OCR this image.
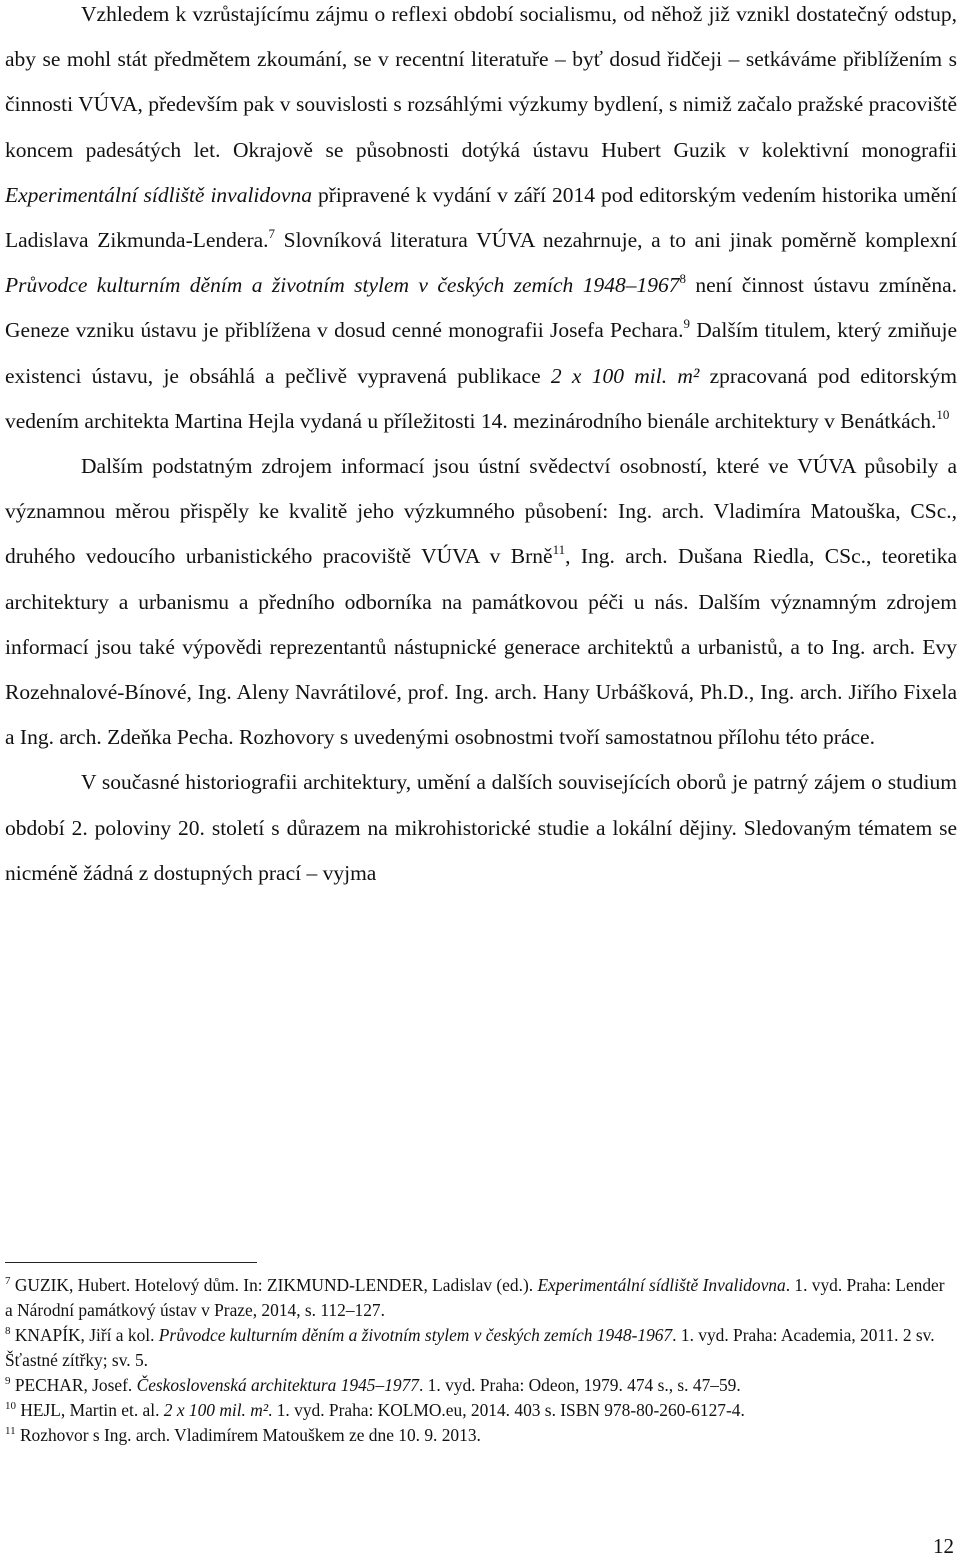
Vzhledem k vzrůstajícímu zájmu o reflexi období socialismu, od něhož již vznikl dostatečný odstup, aby se mohl stát předmětem zkoumání, se v recentní literatuře – byť dosud řidčeji – setkáváme přiblížením s činnosti VÚVA, především pak v souvislosti s rozsáhlými výzkumy bydlení, s nimiž začalo pražské pracoviště koncem padesátých let. Okrajově se působnosti dotýká ústavu Hubert Guzik v kolektivní monografii Experimentální sídliště invalidovna připravené k vydání v září 2014 pod editorským vedením historika umění Ladislava Zikmunda-Lendera.$^7$ Slovníková literatura VÚVA nezahrnuje, a to ani jinak poměrně komplexní Průvodce kulturním děním a životním stylem v českých zemích 1948–1967$^8$ není činnost ústavu zmíněna. Geneze vzniku ústavu je přiblížena v dosud cenné monografii Josefa Pechara.$^9$ Dalším titulem, který zmiňuje existenci ústavu, je obsáhlá a pečlivě vypravená publikace 2 x 100 mil. m² zpracovaná pod editorským vedením architekta Martina Hejla vydaná u příležitosti 14. mezinárodního bienále architektury v Benátkách.$^{10}$

Dalším podstatným zdrojem informací jsou ústní svědectví osobností, které ve VÚVA působily a významnou měrou přispěly ke kvalitě jeho výzkumného působení: Ing. arch. Vladimíra Matouška, CSc., druhého vedoucího urbanistického pracoviště VÚVA v Brně$^{11}$, Ing. arch. Dušana Riedla, CSc., teoretika architektury a urbanismu a předního odborníka na památkovou péči u nás. Dalším významným zdrojem informací jsou také výpovědi reprezentantů nástupnické generace architektů a urbanistů, a to Ing. arch. Evy Rozehnalové-Bínové, Ing. Aleny Navrátilové, prof. Ing. arch. Hany Urbášková, Ph.D., Ing. arch. Jiřího Fixela a Ing. arch. Zdeňka Pecha. Rozhovory s uvedenými osobnostmi tvoří samostatnou přílohu této práce.

V současné historiografii architektury, umění a dalších souvisejících oborů je patrný zájem o studium období 2. poloviny 20. století s důrazem na mikrohistorické studie a lokální dějiny. Sledovaným tématem se nicméně žádná z dostupných prací – vyjma

$^7$ GUZIK, Hubert. Hotelový dům. In: ZIKMUND-LENDER, Ladislav (ed.). Experimentální sídliště Invalidovna. 1. vyd. Praha: Lender a Národní památkový ústav v Praze, 2014, s. 112–127.

$^8$ KNAPÍK, Jiří a kol. Průvodce kulturním děním a životním stylem v českých zemích 1948-1967. 1. vyd. Praha: Academia, 2011. 2 sv. Šťastné zítřky; sv. 5.

$^9$ PECHAR, Josef. Československá architektura 1945–1977. 1. vyd. Praha: Odeon, 1979. 474 s., s. 47–59.

$^{10}$ HEJL, Martin et. al. 2 x 100 mil. m². 1. vyd. Praha: KOLMO.eu, 2014. 403 s. ISBN 978-80-260-6127-4.

$^{11}$ Rozhovor s Ing. arch. Vladimírem Matouškem ze dne 10. 9. 2013.

12
